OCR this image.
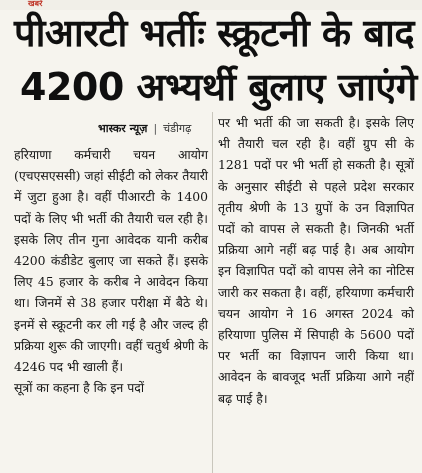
खबरें
पीआरटी भर्तीः स्क्रूटनी के बाद
4200 अभ्यर्थी बुलाए जाएंगे
भास्कर न्यूज़ | चंडीगढ़
हरियाणा कर्मचारी चयन आयोग (एचएसएससी) जहां सीईटी को लेकर तैयारी में जुटा हुआ है। वहीं पीआरटी के 1400 पदों के लिए भी भर्ती की तैयारी चल रही है।
इसके लिए तीन गुना आवेदक यानी करीब 4200 कंडीडेट बुलाए जा सकते हैं। इसके लिए 45 हजार के करीब ने आवेदन किया था। जिनमें से 38 हजार परीक्षा में बैठे थे। इनमें से स्क्रूटनी कर ली गई है और जल्द ही प्रक्रिया शुरू की जाएगी। वहीं चतुर्थ श्रेणी के 4246 पद भी खाली हैं।
सूत्रों का कहना है कि इन पदों
पर भी भर्ती की जा सकती है। इसके लिए भी तैयारी चल रही है। वहीं ग्रुप सी के 1281 पदों पर भी भर्ती हो सकती है। सूत्रों के अनुसार सीईटी से पहले प्रदेश सरकार तृतीय श्रेणी के 13 ग्रुपों के उन विज्ञापित पदों को वापस ले सकती है। जिनकी भर्ती प्रक्रिया आगे नहीं बढ़ पाई है। अब आयोग इन विज्ञापित पदों को वापस लेने का नोटिस जारी कर सकता है। वहीं, हरियाणा कर्मचारी चयन आयोग ने 16 अगस्त 2024 को हरियाणा पुलिस में सिपाही के 5600 पदों पर भर्ती का विज्ञापन जारी किया था। आवेदन के बावजूद भर्ती प्रक्रिया आगे नहीं बढ़ पाई है।
